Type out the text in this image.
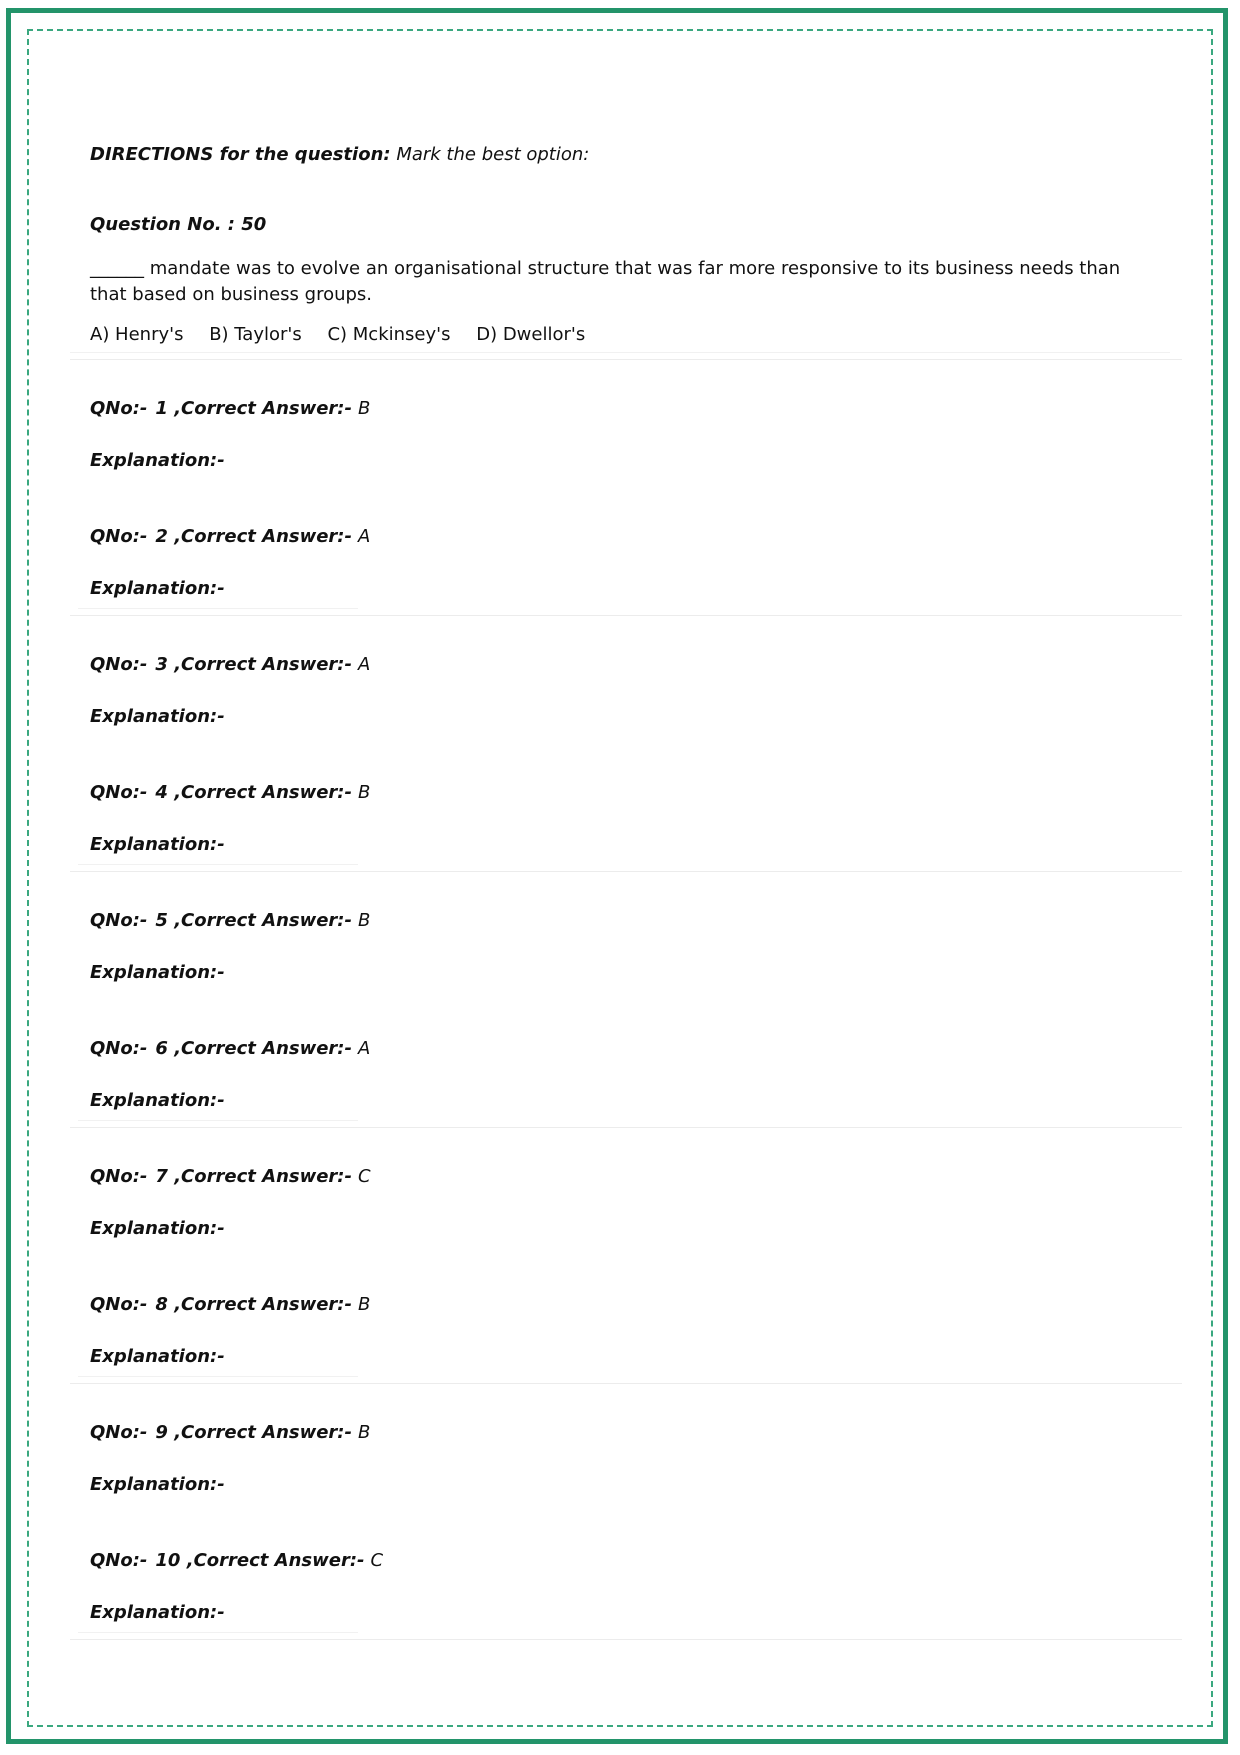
DIRECTIONS for the question: Mark the best option:
Question No. : 50
______ mandate was to evolve an organisational structure that was far more responsive to its business needs than that based on business groups.
A) Henry's B) Taylor's C) Mckinsey's D) Dwellor's
QNo:- 1 ,Correct Answer:- B
Explanation:-
QNo:- 2 ,Correct Answer:- A
Explanation:-
QNo:- 3 ,Correct Answer:- A
Explanation:-
QNo:- 4 ,Correct Answer:- B
Explanation:-
QNo:- 5 ,Correct Answer:- B
Explanation:-
QNo:- 6 ,Correct Answer:- A
Explanation:-
QNo:- 7 ,Correct Answer:- C
Explanation:-
QNo:- 8 ,Correct Answer:- B
Explanation:-
QNo:- 9 ,Correct Answer:- B
Explanation:-
QNo:- 10 ,Correct Answer:- C
Explanation:-
